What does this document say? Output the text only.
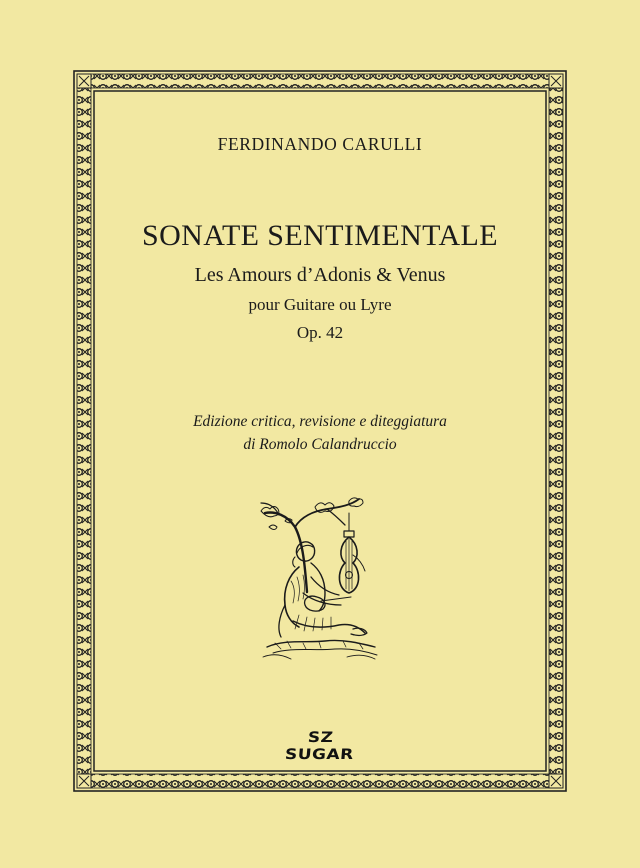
FERDINANDO CARULLI
SONATE SENTIMENTALE
Les Amours d’Adonis & Venus
pour Guitare ou Lyre
Op. 42
Edizione critica, revisione e diteggiatura
di Romolo Calandruccio
SZ SUGAR
